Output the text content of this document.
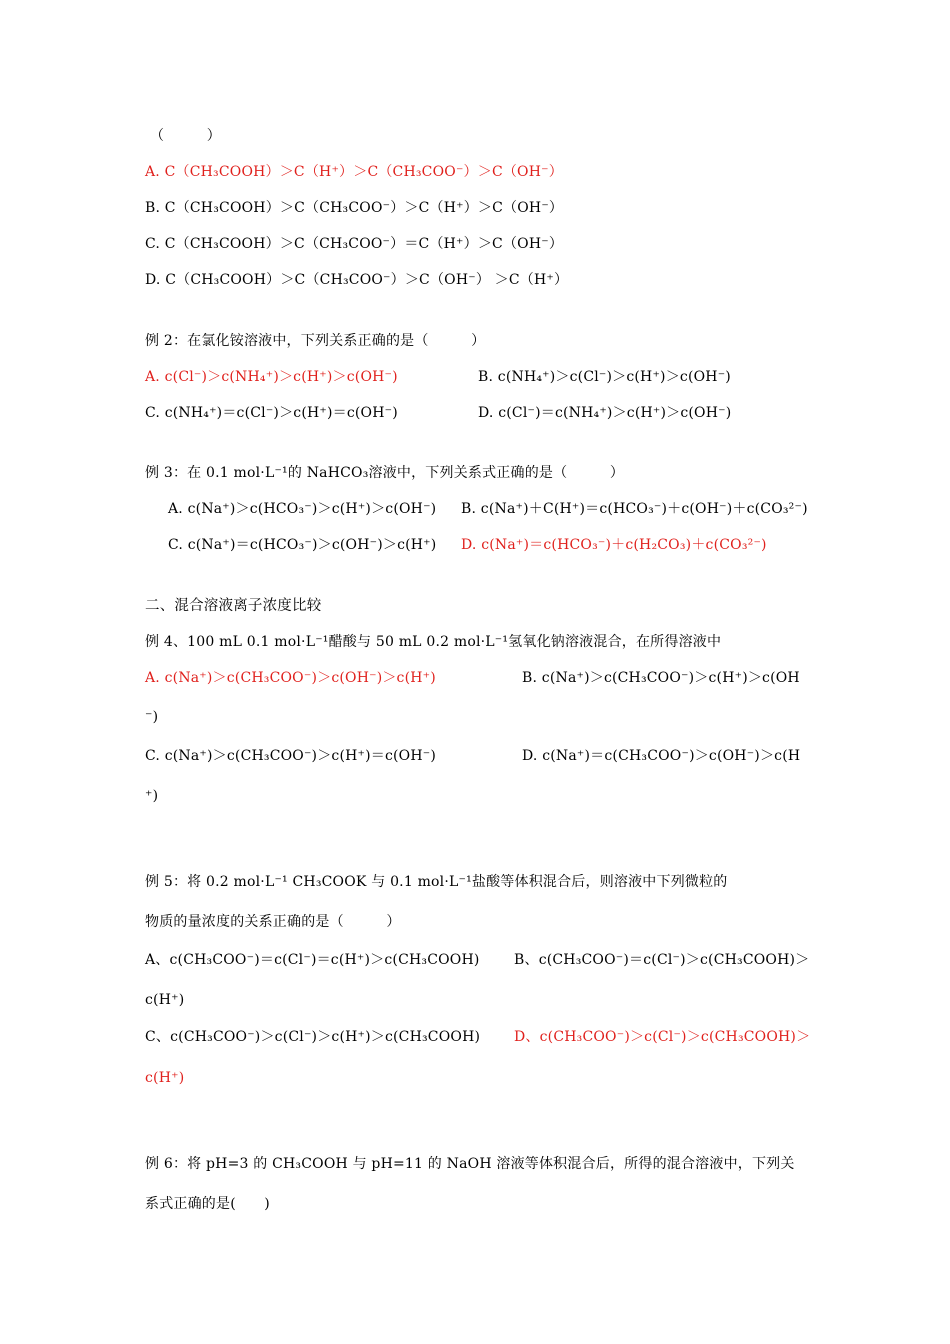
（　　　）
A. C（CH₃COOH）＞C（H⁺）＞C（CH₃COO⁻）＞C（OH⁻）
B. C（CH₃COOH）＞C（CH₃COO⁻）＞C（H⁺）＞C（OH⁻）
C. C（CH₃COOH）＞C（CH₃COO⁻）＝C（H⁺）＞C（OH⁻）
D. C（CH₃COOH）＞C（CH₃COO⁻）＞C（OH⁻） ＞C（H⁺）
例 2：在氯化铵溶液中，下列关系正确的是（　　　）
A. c(Cl⁻)＞c(NH₄⁺)＞c(H⁺)＞c(OH⁻)	B. c(NH₄⁺)＞c(Cl⁻)＞c(H⁺)＞c(OH⁻)
C. c(NH₄⁺)＝c(Cl⁻)＞c(H⁺)＝c(OH⁻)	D. c(Cl⁻)＝c(NH₄⁺)＞c(H⁺)＞c(OH⁻)
例 3：在 0.1 mol·L⁻¹的 NaHCO₃溶液中，下列关系式正确的是（　　　）
A. c(Na⁺)＞c(HCO₃⁻)＞c(H⁺)＞c(OH⁻) B. c(Na⁺)＋C(H⁺)＝c(HCO₃⁻)＋c(OH⁻)＋c(CO₃²⁻)
C. c(Na⁺)＝c(HCO₃⁻)＞c(OH⁻)＞c(H⁺) D. c(Na⁺)＝c(HCO₃⁻)＋c(H₂CO₃)＋c(CO₃²⁻)
二、混合溶液离子浓度比较
例 4、100 mL 0.1 mol·L⁻¹醋酸与 50 mL 0.2 mol·L⁻¹氢氧化钠溶液混合，在所得溶液中
A. c(Na⁺)＞c(CH₃COO⁻)＞c(OH⁻)＞c(H⁺)	B. c(Na⁺)＞c(CH₃COO⁻)＞c(H⁺)＞c(OH
⁻)
C. c(Na⁺)＞c(CH₃COO⁻)＞c(H⁺)＝c(OH⁻)	D. c(Na⁺)＝c(CH₃COO⁻)＞c(OH⁻)＞c(H
⁺)
例 5：将 0.2 mol·L⁻¹ CH₃COOK 与 0.1 mol·L⁻¹盐酸等体积混合后，则溶液中下列微粒的
物质的量浓度的关系正确的是（　　　）
A、c(CH₃COO⁻)＝c(Cl⁻)＝c(H⁺)＞c(CH₃COOH) B、c(CH₃COO⁻)＝c(Cl⁻)＞c(CH₃COOH)＞
c(H⁺)
C、c(CH₃COO⁻)＞c(Cl⁻)＞c(H⁺)＞c(CH₃COOH) D、c(CH₃COO⁻)＞c(Cl⁻)＞c(CH₃COOH)＞
c(H⁺)
例 6：将 pH=3 的 CH₃COOH 与 pH=11 的 NaOH 溶液等体积混合后，所得的混合溶液中，下列关
系式正确的是(　　)
